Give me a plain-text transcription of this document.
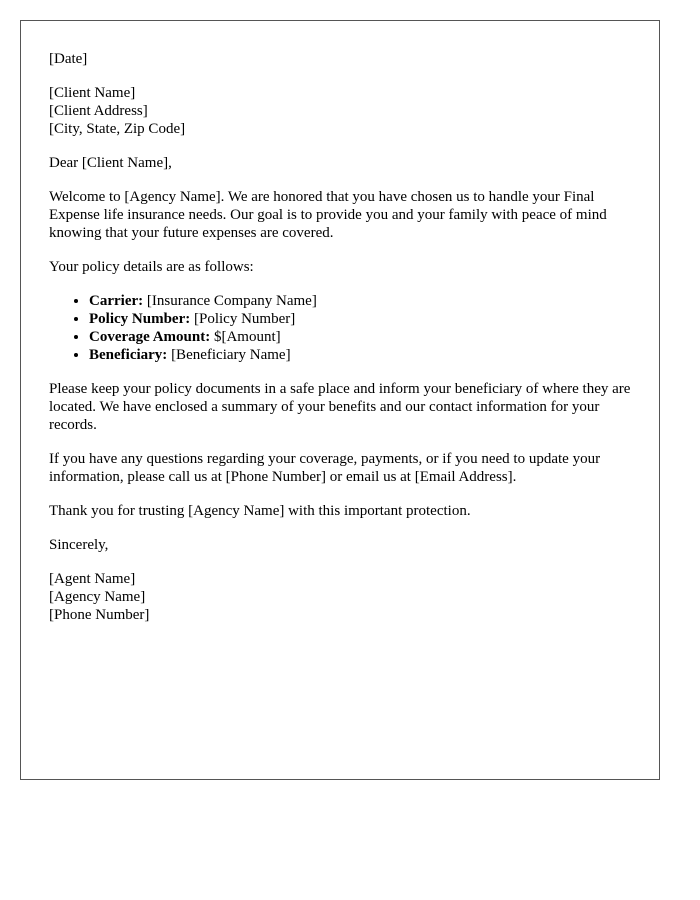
[Date]

[Client Name]
[Client Address]
[City, State, Zip Code]

Dear [Client Name],

Welcome to [Agency Name]. We are honored that you have chosen us to handle your Final Expense life insurance needs. Our goal is to provide you and your family with peace of mind knowing that your future expenses are covered.

Your policy details are as follows:

• Carrier: [Insurance Company Name]
• Policy Number: [Policy Number]
• Coverage Amount: $[Amount]
• Beneficiary: [Beneficiary Name]

Please keep your policy documents in a safe place and inform your beneficiary of where they are located. We have enclosed a summary of your benefits and our contact information for your records.

If you have any questions regarding your coverage, payments, or if you need to update your information, please call us at [Phone Number] or email us at [Email Address].

Thank you for trusting [Agency Name] with this important protection.

Sincerely,

[Agent Name]
[Agency Name]
[Phone Number]
